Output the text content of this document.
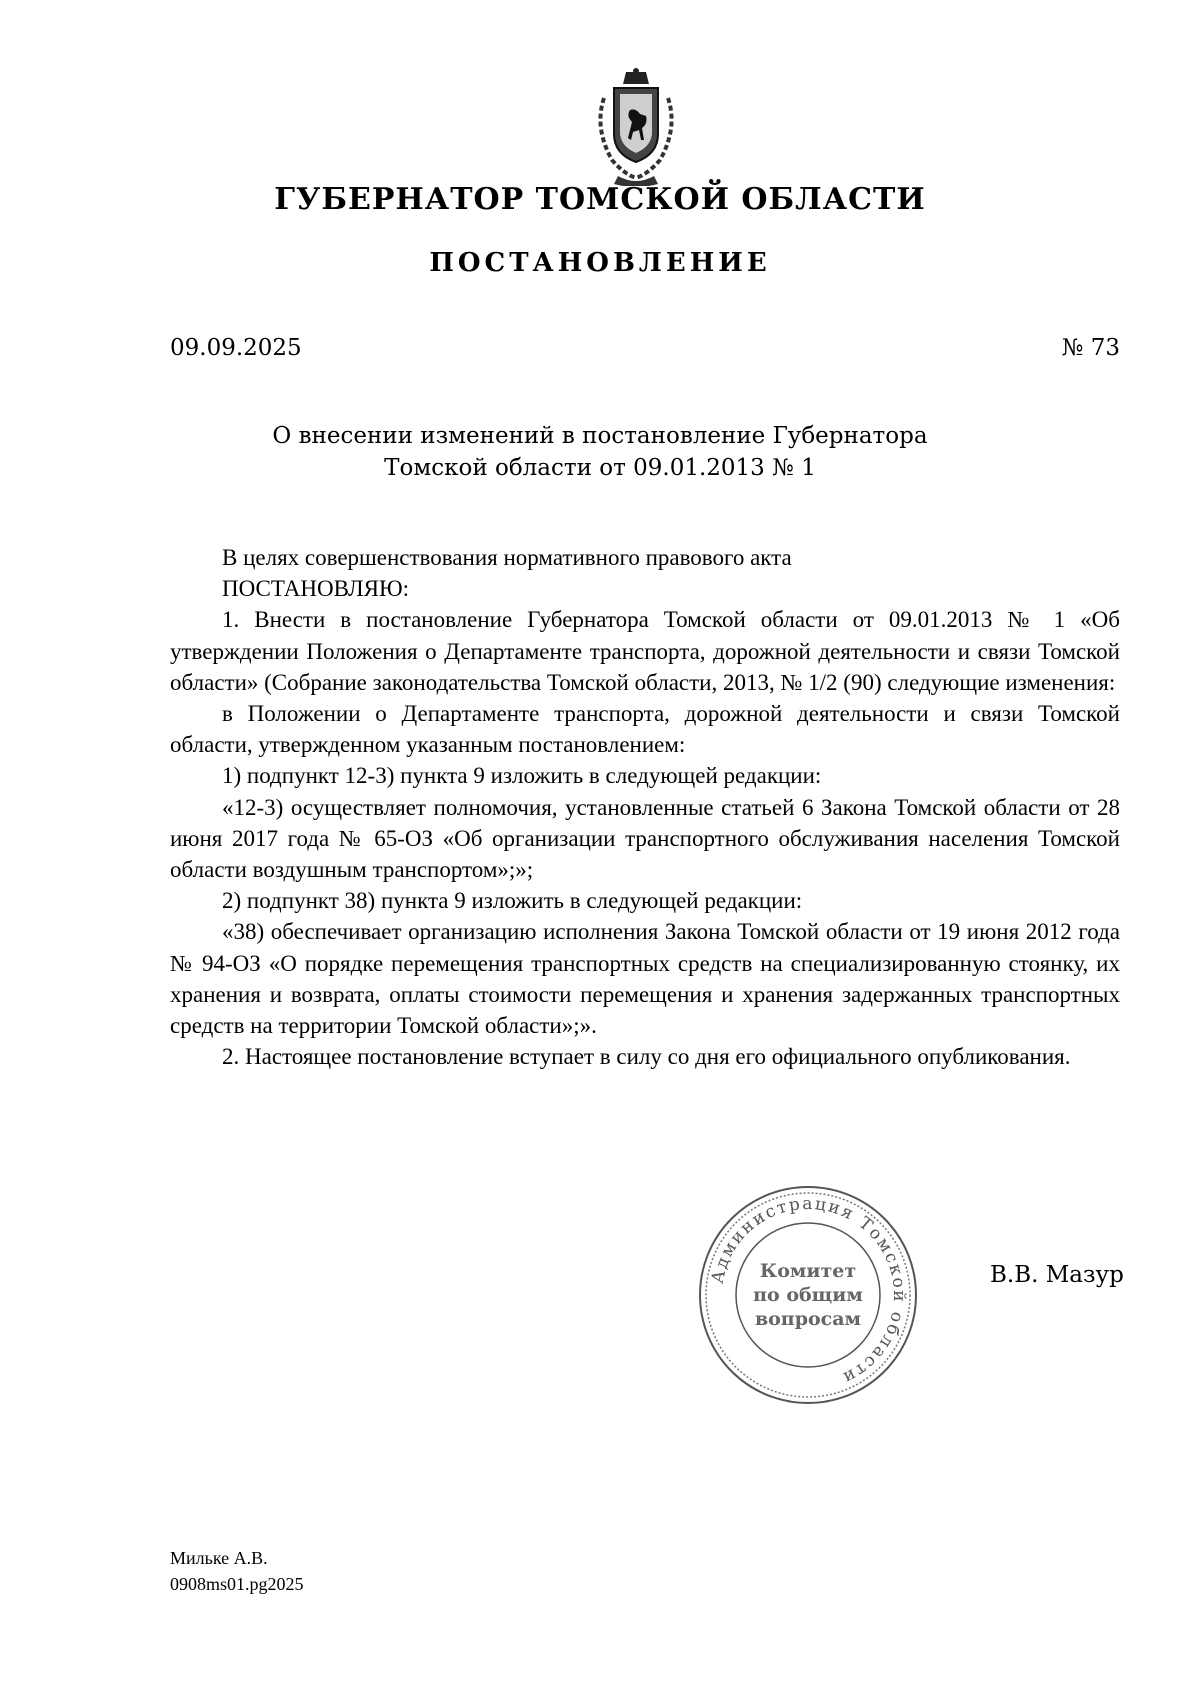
ГУБЕРНАТОР ТОМСКОЙ ОБЛАСТИ
ПОСТАНОВЛЕНИЕ
09.09.2025	№ 73
О внесении изменений в постановление Губернатора
Томской области от 09.01.2013 № 1

В целях совершенствования нормативного правового акта

ПОСТАНОВЛЯЮ:

1. Внести в постановление Губернатора Томской области от 09.01.2013 № 1 «Об утверждении Положения о Департаменте транспорта, дорожной деятельности и связи Томской области» (Собрание законодательства Томской области, 2013, № 1/2 (90) следующие изменения:

в Положении о Департаменте транспорта, дорожной деятельности и связи Томской области, утвержденном указанным постановлением:

1) подпункт 12-3) пункта 9 изложить в следующей редакции:

«12-3) осуществляет полномочия, установленные статьей 6 Закона Томской области от 28 июня 2017 года № 65-ОЗ «Об организации транспортного обслуживания населения Томской области воздушным транспортом»;»;

2) подпункт 38) пункта 9 изложить в следующей редакции:

«38) обеспечивает организацию исполнения Закона Томской области от 19 июня 2012 года № 94-ОЗ «О порядке перемещения транспортных средств на специализированную стоянку, их хранения и возврата, оплаты стоимости перемещения и хранения задержанных транспортных средств на территории Томской области»;».

2. Настоящее постановление вступает в силу со дня его официального опубликования.

Администрация Томской области
Комитет
по общим
вопросам
В.В. Мазур
Мильке А.В.
0908ms01.pg2025
